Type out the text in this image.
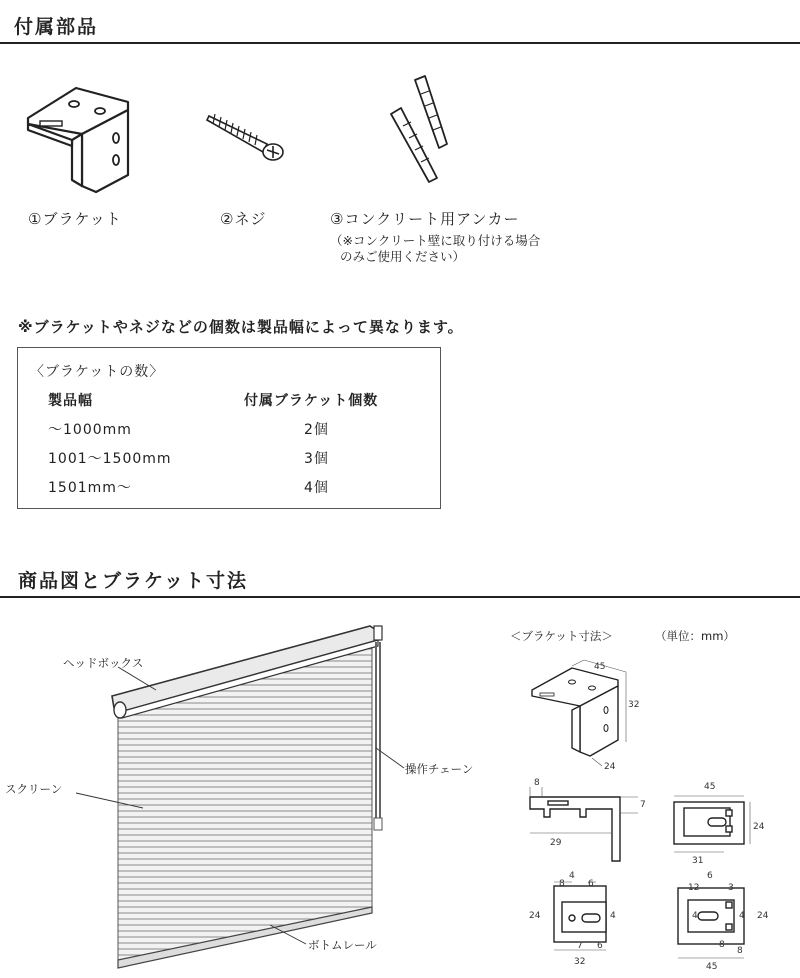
付属部品
①ブラケット	②ネジ	③コンクリート用アンカー
（※コンクリート壁に取り付ける場合
のみご使用ください）
※ブラケットやネジなどの個数は製品幅によって異なります。
〈ブラケットの数〉
製品幅	付属ブラケット個数
～1000mm	2個
1001～1500mm	3個
1501mm～	4個
商品図とブラケット寸法
ヘッドボックス
スクリーン
操作チェーン
ボトムレール
＜ブラケット寸法＞	（単位：mm）
45
32
24
8
7
29
45
24
31
8
4
6
24	4
7 6
32
6
12	3
4	4 24
8
8
45
